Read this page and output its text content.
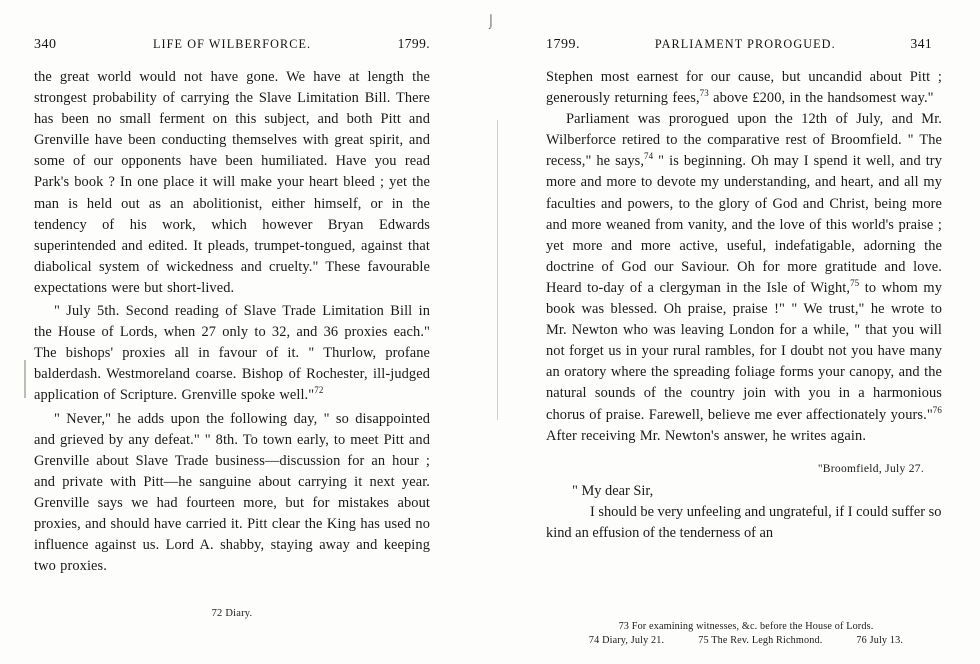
⌡
340	LIFE OF WILBERFORCE.	1799.

the great world would not have gone. We have at length the strongest probability of carrying the Slave Limitation Bill. There has been no small ferment on this subject, and both Pitt and Grenville have been conducting themselves with great spirit, and some of our opponents have been humiliated. Have you read Park's book ? In one place it will make your heart bleed ; yet the man is held out as an abolitionist, either himself, or in the tendency of his work, which however Bryan Edwards superintended and edited. It pleads, trumpet-tongued, against that diabolical system of wickedness and cruelty." These favourable expectations were but short-lived.

" July 5th. Second reading of Slave Trade Limitation Bill in the House of Lords, when 27 only to 32, and 36 proxies each." The bishops' proxies all in favour of it. " Thurlow, profane balderdash. Westmoreland coarse. Bishop of Rochester, ill-judged application of Scripture. Grenville spoke well."$^{72}$

" Never," he adds upon the following day, " so disappointed and grieved by any defeat." " 8th. To town early, to meet Pitt and Grenville about Slave Trade business—discussion for an hour ; and private with Pitt—he sanguine about carrying it next year. Grenville says we had fourteen more, but for mistakes about proxies, and should have carried it. Pitt clear the King has used no influence against us. Lord A. shabby, staying away and keeping two proxies.

72 Diary.
1799.	PARLIAMENT PROROGUED.	341

Stephen most earnest for our cause, but uncandid about Pitt ; generously returning fees,$^{73}$ above £200, in the handsomest way."

Parliament was prorogued upon the 12th of July, and Mr. Wilberforce retired to the comparative rest of Broomfield. " The recess," he says,$^{74}$ " is beginning. Oh may I spend it well, and try more and more to devote my understanding, and heart, and all my faculties and powers, to the glory of God and Christ, being more and more weaned from vanity, and the love of this world's praise ; yet more and more active, useful, indefatigable, adorning the doctrine of God our Saviour. Oh for more gratitude and love. Heard to-day of a clergyman in the Isle of Wight,$^{75}$ to whom my book was blessed. Oh praise, praise !" " We trust," he wrote to Mr. Newton who was leaving London for a while, " that you will not forget us in your rural rambles, for I doubt not you have many an oratory where the spreading foliage forms your canopy, and the natural sounds of the country join with you in a harmonious chorus of praise. Farewell, believe me ever affectionately yours."$^{76}$ After receiving Mr. Newton's answer, he writes again.

"Broomfield, July 27.

" My dear Sir,

I should be very unfeeling and ungrateful, if I could suffer so kind an effusion of the tenderness of an

73 For examining witnesses, &c. before the House of Lords.
74 Diary, July 21.	75 The Rev. Legh Richmond.	76 July 13.
